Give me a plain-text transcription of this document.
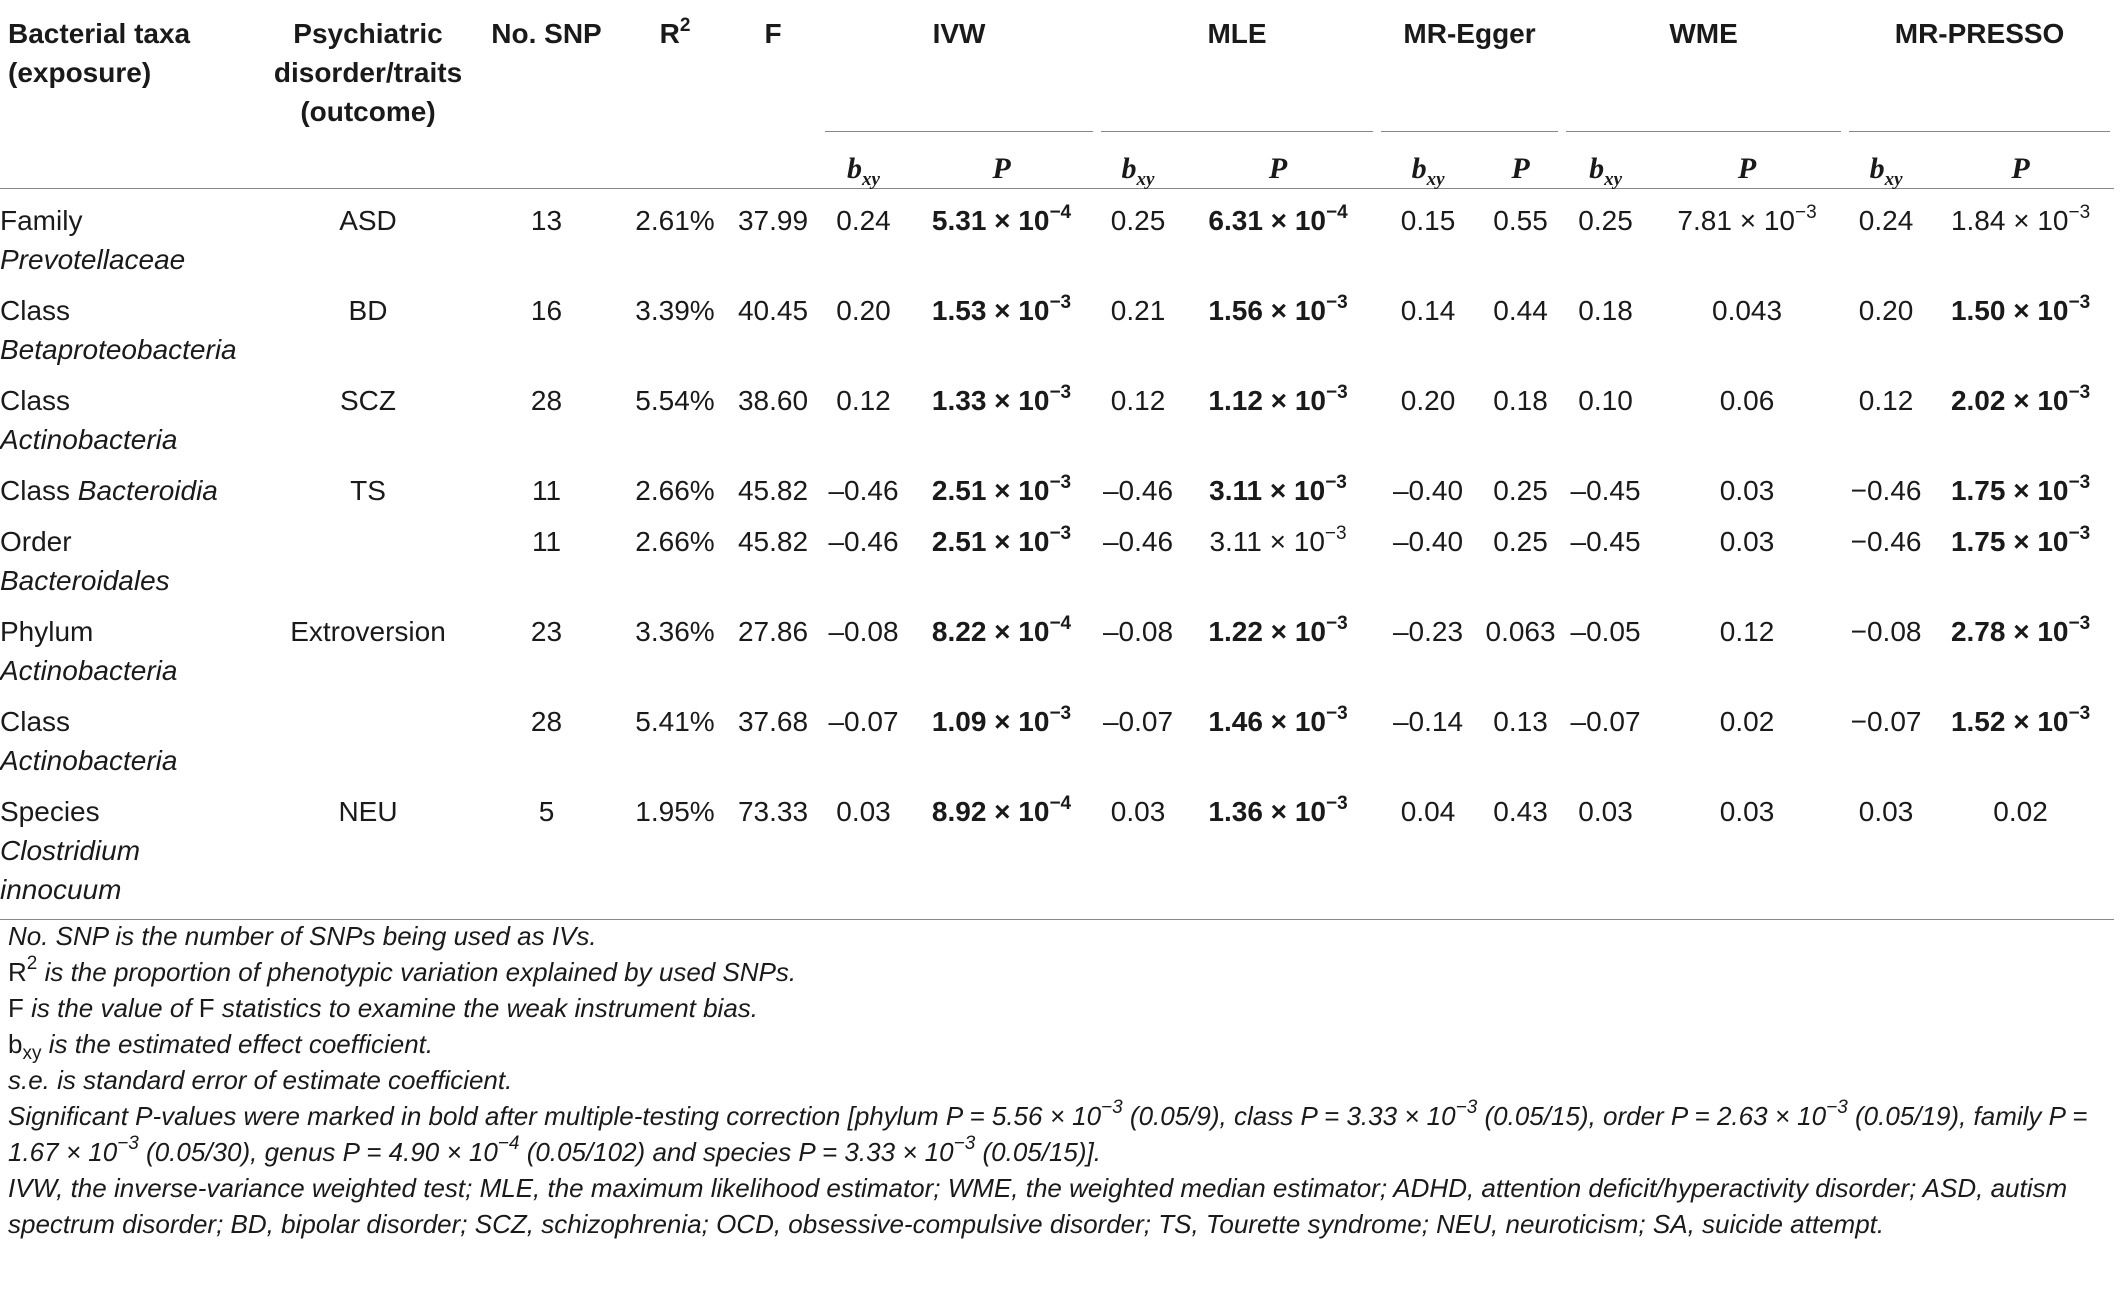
Bacterial taxa (exposure)	Psychiatric disorder/traits (outcome)	No. SNP	$R^2$	F	IVW		MLE		MR-Egger		WME		MR-PRESSO	

					$b_{xy}$	P	$b_{xy}$	P	$b_{xy}$	P	$b_{xy}$	P	$b_{xy}$	P
Family
Prevotellaceae	ASD	13	2.61%	37.99	0.24	$5.31 \times 10^{-4}$	0.25	$6.31 \times 10^{-4}$	0.15	0.55	0.25	$7.81 \times 10^{-3}$	0.24	$1.84 \times 10^{-3}$
Class
Betaproteobacteria	BD	16	3.39%	40.45	0.20	$1.53 \times 10^{-3}$	0.21	$1.56 \times 10^{-3}$	0.14	0.44	0.18	0.043	0.20	$1.50 \times 10^{-3}$
Class
Actinobacteria	SCZ	28	5.54%	38.60	0.12	$1.33 \times 10^{-3}$	0.12	$1.12 \times 10^{-3}$	0.20	0.18	0.10	0.06	0.12	$2.02 \times 10^{-3}$
Class Bacteroidia	TS	11	2.66%	45.82	–0.46	$2.51 \times 10^{-3}$	–0.46	$3.11 \times 10^{-3}$	–0.40	0.25	–0.45	0.03	−0.46	$1.75 \times 10^{-3}$
Order
Bacteroidales		11	2.66%	45.82	–0.46	$2.51 \times 10^{-3}$	–0.46	$3.11 \times 10^{-3}$	–0.40	0.25	–0.45	0.03	−0.46	$1.75 \times 10^{-3}$
Phylum
Actinobacteria	Extroversion	23	3.36%	27.86	–0.08	$8.22 \times 10^{-4}$	–0.08	$1.22 \times 10^{-3}$	–0.23	0.063	–0.05	0.12	−0.08	$2.78 \times 10^{-3}$
Class
Actinobacteria		28	5.41%	37.68	–0.07	$1.09 \times 10^{-3}$	–0.07	$1.46 \times 10^{-3}$	–0.14	0.13	–0.07	0.02	−0.07	$1.52 \times 10^{-3}$
Species
Clostridium innocuum	NEU	5	1.95%	73.33	0.03	$8.92 \times 10^{-4}$	0.03	$1.36 \times 10^{-3}$	0.04	0.43	0.03	0.03	0.03	0.02

No. SNP is the number of SNPs being used as IVs.

$R^2$ is the proportion of phenotypic variation explained by used SNPs.

F is the value of F statistics to examine the weak instrument bias.

$b_{xy}$ is the estimated effect coefficient.

s.e. is standard error of estimate coefficient.

Significant P-values were marked in bold after multiple-testing correction [phylum $P = 5.56 \times 10^{-3}$ (0.05/9), class $P = 3.33 \times 10^{-3}$ (0.05/15), order $P = 2.63 \times 10^{-3}$ (0.05/19), family $P = 1.67 \times 10^{-3}$ (0.05/30), genus $P = 4.90 \times 10^{-4}$ (0.05/102) and species $P = 3.33 \times 10^{-3}$ (0.05/15)].

IVW, the inverse-variance weighted test; MLE, the maximum likelihood estimator; WME, the weighted median estimator; ADHD, attention deficit/hyperactivity disorder; ASD, autism spectrum disorder; BD, bipolar disorder; SCZ, schizophrenia; OCD, obsessive-compulsive disorder; TS, Tourette syndrome; NEU, neuroticism; SA, suicide attempt.
